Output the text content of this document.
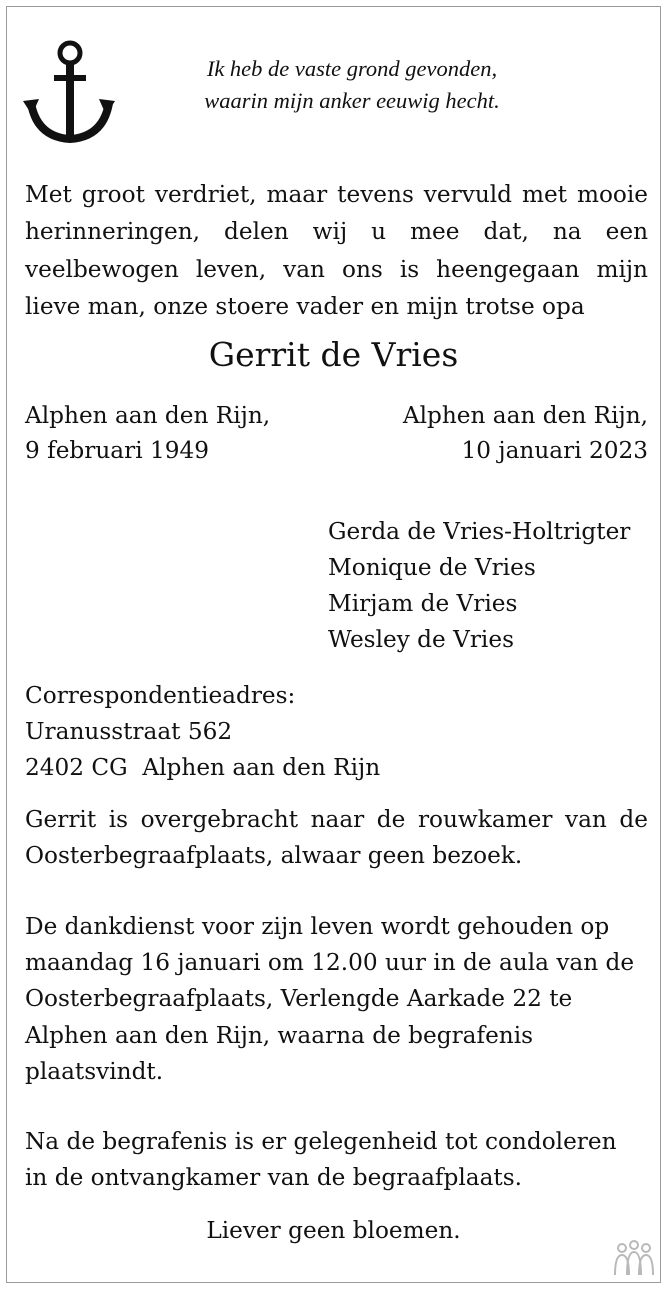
Ik heb de vaste grond gevonden,
waarin mijn anker eeuwig hecht.

Met groot verdriet, maar tevens vervuld met mooie herinneringen, delen wij u mee dat, na een veelbewogen leven, van ons is heengegaan mijn lieve man, onze stoere vader en mijn trotse opa

Gerrit de Vries
Alphen aan den Rijn,
9 februari 1949
Alphen aan den Rijn,
10 januari 2023
Gerda de Vries-Holtrigter
Monique de Vries
Mirjam de Vries
Wesley de Vries
Correspondentieadres:
Uranusstraat 562
2402 CG  Alphen aan den Rijn
Gerrit is overgebracht naar de rouwkamer van de Oosterbegraafplaats, alwaar geen bezoek.
De dankdienst voor zijn leven wordt gehouden op
maandag 16 januari om 12.00 uur in de aula van de
Oosterbegraafplaats, Verlengde Aarkade 22 te
Alphen aan den Rijn, waarna de begrafenis
plaatsvindt.
Na de begrafenis is er gelegenheid tot condoleren
in de ontvangkamer van de begraafplaats.
Liever geen bloemen.
